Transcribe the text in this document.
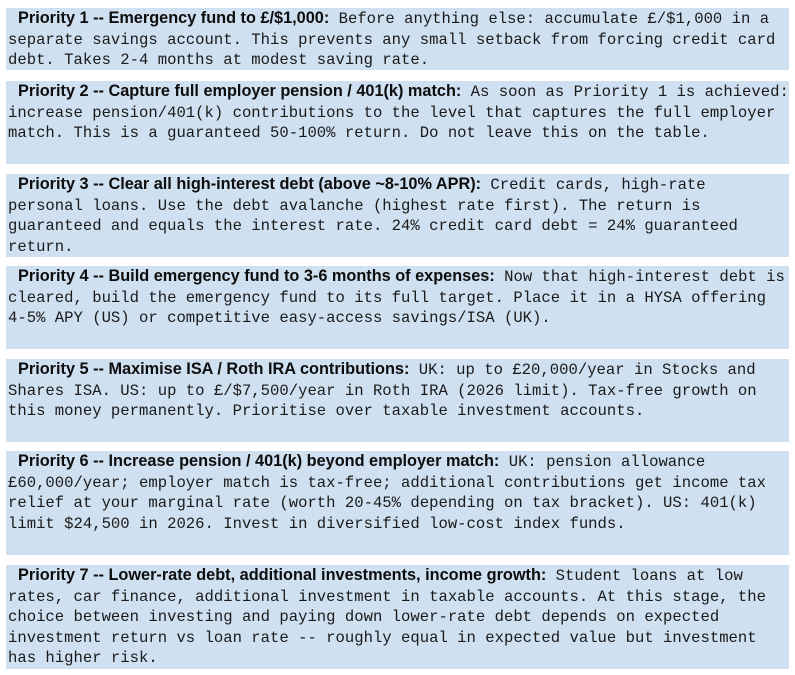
Priority 1 -- Emergency fund to £/$1,000: Before anything else: accumulate £/$1,000 in a separate savings account. This prevents any small setback from forcing credit card debt. Takes 2-4 months at modest saving rate.
Priority 2 -- Capture full employer pension / 401(k) match: As soon as Priority 1 is achieved: increase pension/401(k) contributions to the level that captures the full employer match. This is a guaranteed 50-100% return. Do not leave this on the table.
Priority 3 -- Clear all high-interest debt (above ~8-10% APR): Credit cards, high-rate personal loans. Use the debt avalanche (highest rate first). The return is guaranteed and equals the interest rate. 24% credit card debt = 24% guaranteed return.
Priority 4 -- Build emergency fund to 3-6 months of expenses: Now that high-interest debt is cleared, build the emergency fund to its full target. Place it in a HYSA offering 4-5% APY (US) or competitive easy-access savings/ISA (UK).
Priority 5 -- Maximise ISA / Roth IRA contributions: UK: up to £20,000/year in Stocks and Shares ISA. US: up to £/$7,500/year in Roth IRA (2026 limit). Tax-free growth on this money permanently. Prioritise over taxable investment accounts.
Priority 6 -- Increase pension / 401(k) beyond employer match: UK: pension allowance £60,000/year; employer match is tax-free; additional contributions get income tax relief at your marginal rate (worth 20-45% depending on tax bracket). US: 401(k) limit $24,500 in 2026. Invest in diversified low-cost index funds.
Priority 7 -- Lower-rate debt, additional investments, income growth: Student loans at low rates, car finance, additional investment in taxable accounts. At this stage, the choice between investing and paying down lower-rate debt depends on expected investment return vs loan rate -- roughly equal in expected value but investment has higher risk.
